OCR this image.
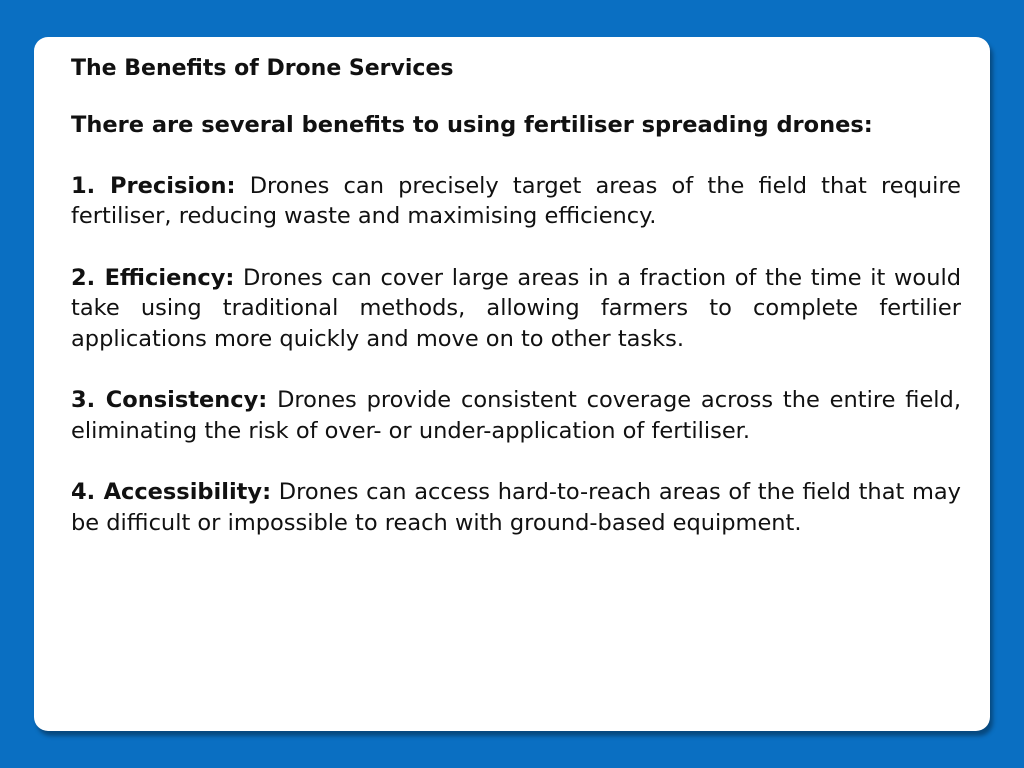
The Benefits of Drone Services

There are several benefits to using fertiliser spreading drones:

1. Precision: Drones can precisely target areas of the field that require fertiliser, reducing waste and maximising efficiency.

2. Efficiency: Drones can cover large areas in a fraction of the time it would take using traditional methods, allowing farmers to complete fertilier applications more quickly and move on to other tasks.

3. Consistency: Drones provide consistent coverage across the entire field, eliminating the risk of over- or under-application of fertiliser.

4. Accessibility: Drones can access hard-to-reach areas of the field that may be difficult or impossible to reach with ground-based equipment.
